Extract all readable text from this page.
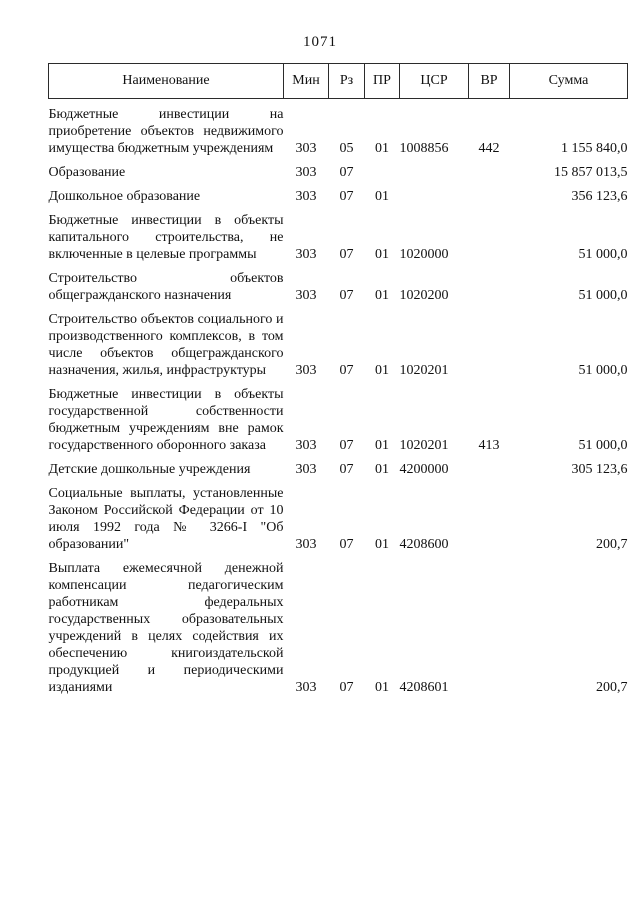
1071
Наименование	Мин	Рз	ПР	ЦСР	ВР	Сумма
Бюджетные инвестиции на приобретение объектов недвижимого имущества бюджетным учреждениям	303	05	01	1008856	442	1 155 840,0
Образование	303	07				15 857 013,5
Дошкольное образование	303	07	01			356 123,6
Бюджетные инвестиции в объекты капитального строительства, не включенные в целевые программы	303	07	01	1020000		51 000,0
Строительство объектов общегражданского назначения	303	07	01	1020200		51 000,0
Строительство объектов социального и производственного комплексов, в том числе объектов общегражданского назначения, жилья, инфраструктуры	303	07	01	1020201		51 000,0
Бюджетные инвестиции в объекты государственной собственности бюджетным учреждениям вне рамок государственного оборонного заказа	303	07	01	1020201	413	51 000,0
Детские дошкольные учреждения	303	07	01	4200000		305 123,6
Социальные выплаты, установленные Законом Российской Федерации от 10 июля 1992 года № 3266-I "Об образовании"	303	07	01	4208600		200,7
Выплата ежемесячной денежной компенсации педагогическим работникам федеральных государственных образовательных учреждений в целях содействия их обеспечению книгоиздательской продукцией и периодическими изданиями	303	07	01	4208601		200,7
